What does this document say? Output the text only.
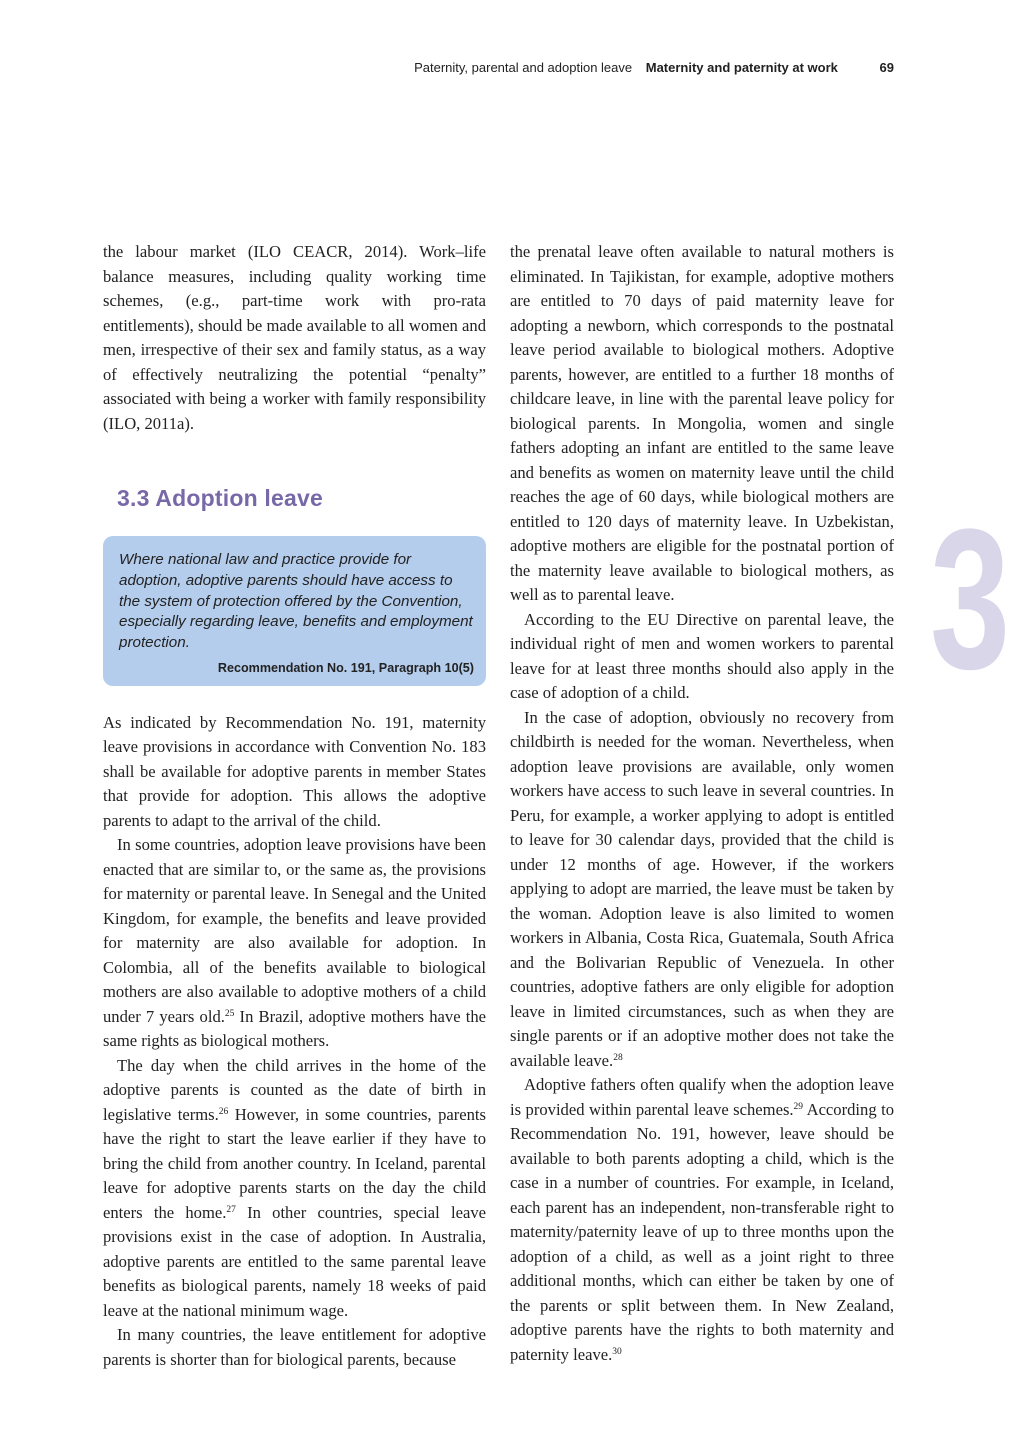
Paternity, parental and adoption leave Maternity and paternity at work	69
3

the labour market (ILO CEACR, 2014). Work–life balance measures, including quality working time schemes, (e.g., part-time work with pro-rata entitlements), should be made available to all women and men, irrespective of their sex and family status, as a way of effectively neutralizing the potential “penalty” associated with being a worker with family responsibility (ILO, 2011a).

3.3 Adoption leave
Where national law and practice provide for adoption, adoptive parents should have access to the system of protection offered by the Convention, especially regarding leave, benefits and employment protection.
Recommendation No. 191, Paragraph 10(5)

As indicated by Recommendation No. 191, maternity leave provisions in accordance with Convention No. 183 shall be available for adoptive parents in member States that provide for adoption. This allows the adoptive parents to adapt to the arrival of the child.

In some countries, adoption leave provisions have been enacted that are similar to, or the same as, the provisions for maternity or parental leave. In Senegal and the United Kingdom, for example, the benefits and leave provided for maternity are also available for adoption. In Colombia, all of the benefits available to biological mothers are also available to adoptive mothers of a child under 7 years old.$^{25}$ In Brazil, adoptive mothers have the same rights as biological mothers.

The day when the child arrives in the home of the adoptive parents is counted as the date of birth in legislative terms.$^{26}$ However, in some countries, parents have the right to start the leave earlier if they have to bring the child from another country. In Iceland, parental leave for adoptive parents starts on the day the child enters the home.$^{27}$ In other countries, special leave provisions exist in the case of adoption. In Australia, adoptive parents are entitled to the same parental leave benefits as biological parents, namely 18 weeks of paid leave at the national minimum wage.

In many countries, the leave entitlement for adoptive parents is shorter than for biological parents, because

the prenatal leave often available to natural mothers is eliminated. In Tajikistan, for example, adoptive mothers are entitled to 70 days of paid maternity leave for adopting a newborn, which corresponds to the postnatal leave period available to biological mothers. Adoptive parents, however, are entitled to a further 18 months of childcare leave, in line with the parental leave policy for biological parents. In Mongolia, women and single fathers adopting an infant are entitled to the same leave and benefits as women on maternity leave until the child reaches the age of 60 days, while biological mothers are entitled to 120 days of maternity leave. In Uzbekistan, adoptive mothers are eligible for the postnatal portion of the maternity leave available to biological mothers, as well as to parental leave.

According to the EU Directive on parental leave, the individual right of men and women workers to parental leave for at least three months should also apply in the case of adoption of a child.

In the case of adoption, obviously no recovery from childbirth is needed for the woman. Nevertheless, when adoption leave provisions are available, only women workers have access to such leave in several countries. In Peru, for example, a worker applying to adopt is entitled to leave for 30 calendar days, provided that the child is under 12 months of age. However, if the workers applying to adopt are married, the leave must be taken by the woman. Adoption leave is also limited to women workers in Albania, Costa Rica, Guatemala, South Africa and the Bolivarian Republic of Venezuela. In other countries, adoptive fathers are only eligible for adoption leave in limited circumstances, such as when they are single parents or if an adoptive mother does not take the available leave.$^{28}$

Adoptive fathers often qualify when the adoption leave is provided within parental leave schemes.$^{29}$ According to Recommendation No. 191, however, leave should be available to both parents adopting a child, which is the case in a number of countries. For example, in Iceland, each parent has an independent, non-transferable right to maternity/paternity leave of up to three months upon the adoption of a child, as well as a joint right to three additional months, which can either be taken by one of the parents or split between them. In New Zealand, adoptive parents have the rights to both maternity and paternity leave.$^{30}$
